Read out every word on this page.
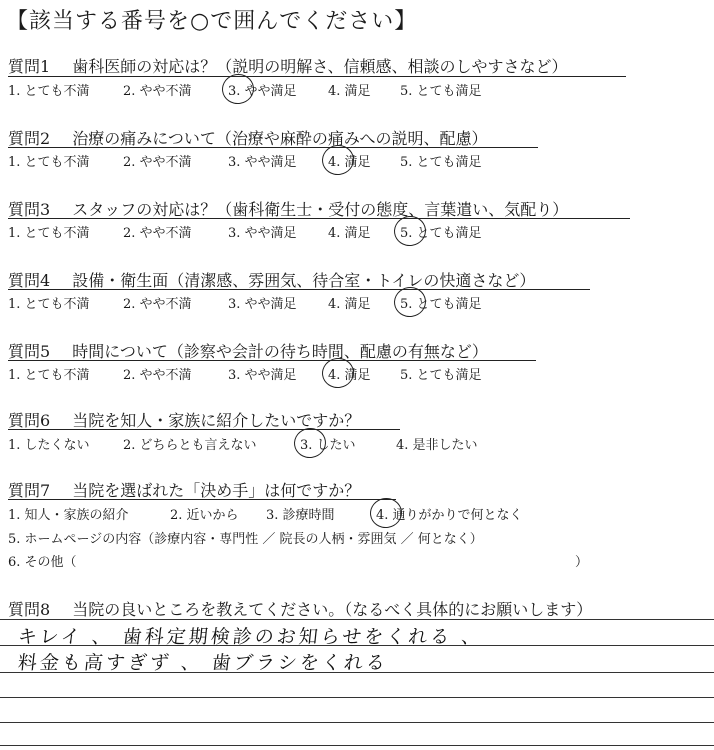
【該当する番号を○で囲んでください】
質問1 歯科医師の対応は？（説明の明解さ、信頼感、相談のしやすさなど）
1. とても不満	2. やや不満	3. やや満足 4. 満足 5. とても満足
質問2 治療の痛みについて（治療や麻酔の痛みへの説明、配慮）
1. とても不満	2. やや不満	3. やや満足 4. 満足 5. とても満足
質問3 スタッフの対応は？（歯科衛生士・受付の態度、言葉遣い、気配り）
1. とても不満	2. やや不満	3. やや満足 4. 満足 5. とても満足
質問4 設備・衛生面（清潔感、雰囲気、待合室・トイレの快適さなど）
1. とても不満	2. やや不満	3. やや満足 4. 満足 5. とても満足
質問5 時間について（診察や会計の待ち時間、配慮の有無など）
1. とても不満	2. やや不満	3. やや満足 4. 満足 5. とても満足
質問6 当院を知人・家族に紹介したいですか？
1. したくない	2. どちらとも言えない	3. したい	4. 是非したい
質問7 当院を選ばれた「決め手」は何ですか？
1. 知人・家族の紹介	2. 近いから 3. 診療時間	4. 通りがかりで何となく
5. ホームページの内容（診療内容・専門性 ／ 院長の人柄・雰囲気 ／ 何となく）
6. その他（	）
質問8 当院の良いところを教えてください。（なるべく具体的にお願いします）
キレイ 、 歯科定期検診のお知らせをくれる 、
料金も高すぎず 、 歯ブラシをくれる
